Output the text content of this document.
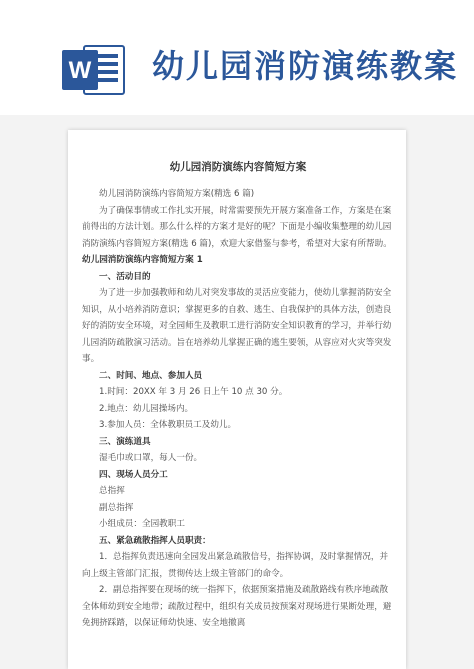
W 幼儿园消防演练教案
幼儿园消防演练内容简短方案

幼儿园消防演练内容简短方案(精选 6 篇)

为了确保事情或工作扎实开展，时常需要预先开展方案准备工作，方案是在案前得出的方法计划。那么什么样的方案才是好的呢？下面是小编收集整理的幼儿园消防演练内容简短方案(精选 6 篇)，欢迎大家借鉴与参考，希望对大家有所帮助。

幼儿园消防演练内容简短方案 1

一、活动目的

为了进一步加强教师和幼儿对突发事故的灵活应变能力，使幼儿掌握消防安全知识，从小培养消防意识；掌握更多的自救、逃生、自我保护的具体方法，创造良好的消防安全环境，对全园师生及教职工进行消防安全知识教育的学习，并举行幼儿园消防疏散演习活动。旨在培养幼儿掌握正确的逃生要领，从容应对火灾等突发事。

二、时间、地点、参加人员

1.时间：20XX 年 3 月 26 日上午 10 点 30 分。

2.地点：幼儿园操场内。

3.参加人员：全体教职员工及幼儿。

三、演练道具

湿毛巾或口罩，每人一份。

四、现场人员分工

总指挥

副总指挥

小组成员：全园教职工

五、紧急疏散指挥人员职责：

1．总指挥负责迅速向全园发出紧急疏散信号，指挥协调，及时掌握情况，并向上级主管部门汇报，贯彻传达上级主管部门的命令。

2．副总指挥要在现场的统一指挥下，依据预案措施及疏散路线有秩序地疏散全体师幼到安全地带；疏散过程中，组织有关成员按预案对现场进行果断处理，避免拥挤踩踏，以保证师幼快速、安全地撤离
